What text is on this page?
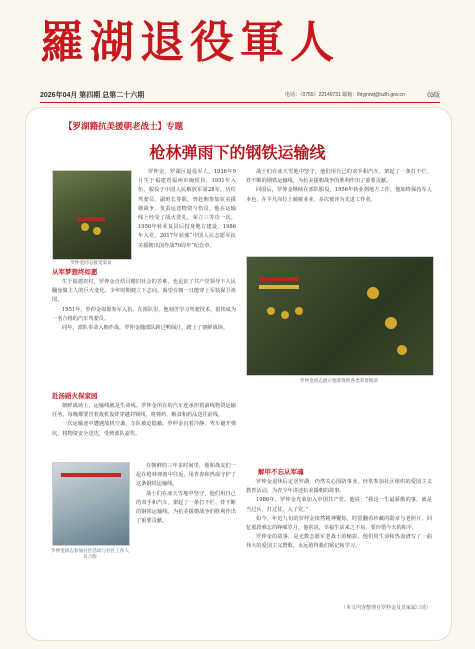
羅湖退役軍人
2026年04月 第四期 总第二十六期	电话：（0755）22149731 邮箱：lhtyjrswj@szlh.gov.cn	03版
【罗湖籍抗美援朝老战士】专题
枪林弹雨下的钢铁运输线
罗仲金同志接受采访

罗仲金，罗湖区退役军人，1936年9月生于福建省福州市闽侯县，1951年入伍，服役于中国人民解放军第28军，历任驾驶员、副班长等职，曾赴朝参加抗美援朝战争，负责运送物资与伤员。他在运输线上经受了战火洗礼，荣立三等功一次。1956年转业复员后投身地方建设，1986年入党，2017年获颁“中国人民志愿军抗美援朝出国作战70周年”纪念章。

从军梦想终如愿

生于福建农村，罗仲金自幼目睹旧社会的苦难，也见证了共产党领导下人民翻身做主人的巨大变化。少年时期便立下志向，渴望有朝一日能穿上军装保卫祖国。

1951年，罗仲金如愿参军入伍。在部队里，他刻苦学习驾驶技术，很快成为一名合格的汽车驾驶员。

同年，部队奉命入朝作战，罗仲金随部队跨过鸭绿江，踏上了朝鲜战场。

赴汤蹈火保家园

朝鲜战场上，运输线就是生命线。罗仲金所在的汽车连承担着前线物资运输任务，每晚都要冒着敌机轰炸穿越封锁线，将弹药、粮食和药品送往前线。

一次运输途中遭遇敌机空袭，车队被迫隐蔽。罗仲金沉着冷静，驾车避开弹坑，将物资安全送达，受到部队嘉奖。

罗仲金同志参加社区活动与社区工作人员合影

在朝鲜的三年多时间里，他和战友们一起在枪林弹雨中往返，用青春和热血守护了这条钢铁运输线。

战士们在冰天雪地中坚守，他们用自己的双手和汽车，架起了一条打不烂、炸不断的钢铁运输线，为抗美援朝战争的胜利作出了重要贡献。

战士们在冰天雪地中坚守，他们用自己的双手和汽车，架起了一条打不烂、炸不断的钢铁运输线，为抗美援朝战争的胜利作出了重要贡献。

回国后，罗仲金继续在部队服役，1956年转业到地方工作，他始终保持军人本色，在平凡岗位上兢兢业业，多次被评为先进工作者。

罗仲金同志展示他获得的各类荣誉勋章
解甲不忘从军魂

罗仲金退休后定居罗湖，仍然关心国防事业，经常参加社区组织的爱国主义教育活动，为青少年讲述抗美援朝的故事。

1986年，罗仲金光荣加入中国共产党。他说：“我这一生最骄傲的事，就是当过兵、打过仗、入了党。”

如今，年近九旬的罗仲金依然精神矍铄，时常翻看珍藏的勋章与老照片，回忆那段难忘的峥嵘岁月。他常说，幸福生活来之不易，要珍惜今天的和平。

罗仲金的故事，是无数志愿军老战士的缩影。他们用生命和热血谱写了一曲伟大的爱国主义赞歌，永远值得我们铭记和学习。

（本文内容整理自罗仲金及其家属口述）
